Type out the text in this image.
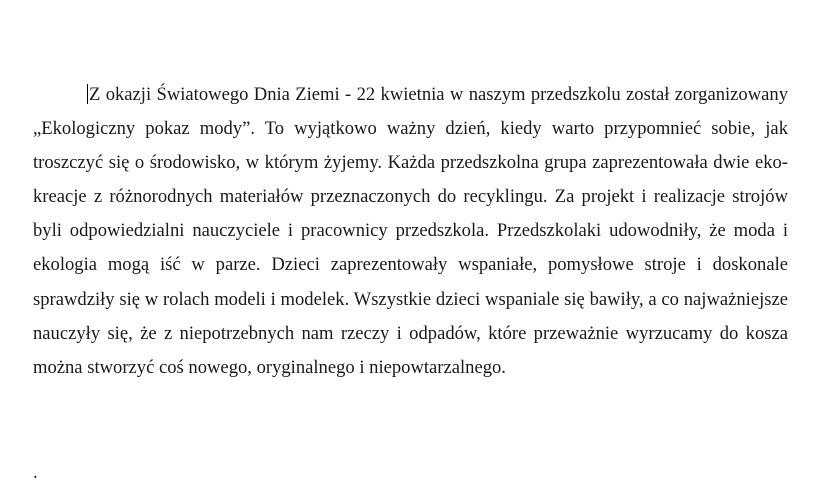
Z okazji Światowego Dnia Ziemi - 22 kwietnia w naszym przedszkolu został zorganizowany „Ekologiczny pokaz mody”. To wyjątkowo ważny dzień, kiedy warto przypomnieć sobie, jak troszczyć się o środowisko, w którym żyjemy. Każda przedszkolna grupa zaprezentowała dwie eko-kreacje z różnorodnych materiałów przeznaczonych do recyklingu. Za projekt i realizacje strojów byli odpowiedzialni nauczyciele i pracownicy przedszkola. Przedszkolaki udowodniły, że moda i ekologia mogą iść w parze. Dzieci zaprezentowały wspaniałe, pomysłowe stroje i doskonale sprawdziły się w rolach modeli i modelek. Wszystkie dzieci wspaniale się bawiły, a co najważniejsze nauczyły się, że z niepotrzebnych nam rzeczy i odpadów, które przeważnie wyrzucamy do kosza można stworzyć coś nowego, oryginalnego i niepowtarzalnego.

.
